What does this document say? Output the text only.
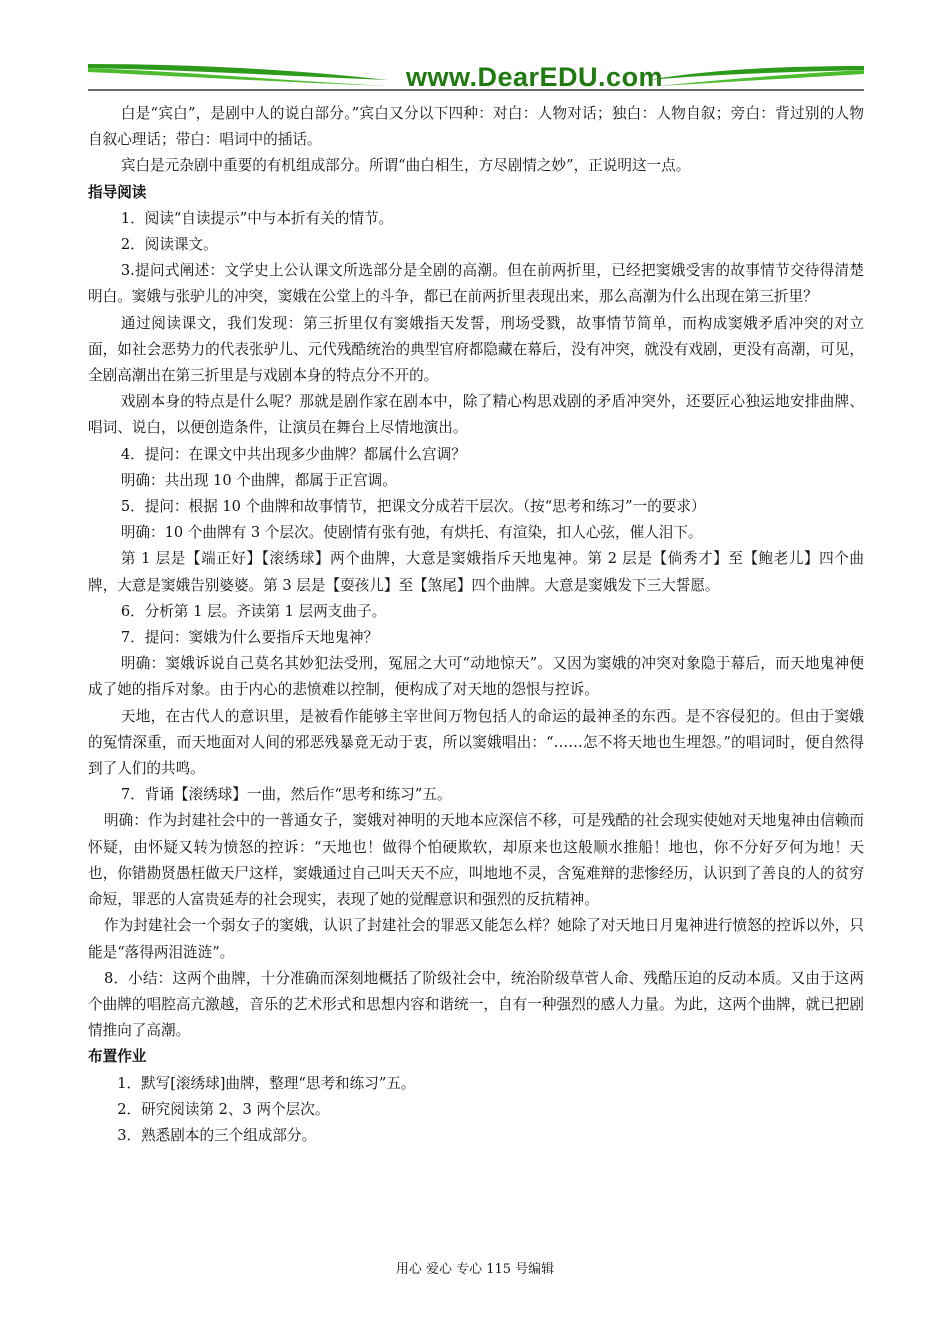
www.DearEDU.com

白是“宾白”，是剧中人的说白部分。”宾白又分以下四种：对白：人物对话；独白：人物自叙；旁白：背过别的人物自叙心理话；带白：唱词中的插话。

宾白是元杂剧中重要的有机组成部分。所谓“曲白相生，方尽剧情之妙”，正说明这一点。

指导阅读

1．阅读“自读提示”中与本折有关的情节。

2．阅读课文。

3.提问式阐述：文学史上公认课文所选部分是全剧的高潮。但在前两折里，已经把窦娥受害的故事情节交待得清楚明白。窦娥与张驴儿的冲突，窦娥在公堂上的斗争，都已在前两折里表现出来，那么高潮为什么出现在第三折里？

通过阅读课文，我们发现：第三折里仅有窦娥指天发誓，刑场受戮，故事情节简单，而构成窦娥矛盾冲突的对立面，如社会恶势力的代表张驴儿、元代残酷统治的典型官府都隐藏在幕后，没有冲突，就没有戏剧，更没有高潮，可见，全剧高潮出在第三折里是与戏剧本身的特点分不开的。

戏剧本身的特点是什么呢？那就是剧作家在剧本中，除了精心构思戏剧的矛盾冲突外，还要匠心独运地安排曲牌、唱词、说白，以便创造条件，让演员在舞台上尽情地演出。

4．提问：在课文中共出现多少曲牌？都属什么宫调？

明确：共出现 10 个曲牌，都属于正宫调。

5．提问：根据 10 个曲牌和故事情节，把课文分成若干层次。（按“思考和练习”一的要求）

明确：10 个曲牌有 3 个层次。使剧情有张有弛，有烘托、有渲染，扣人心弦，催人泪下。

第 1 层是【端正好】【滚绣球】两个曲牌，大意是窦娥指斥天地鬼神。第 2 层是【倘秀才】至【鲍老儿】四个曲牌，大意是窦娥告别婆婆。第 3 层是【耍孩儿】至【煞尾】四个曲牌。大意是窦娥发下三大誓愿。

6．分析第 1 层。齐读第 1 层两支曲子。

7．提问：窦娥为什么要指斥天地鬼神？

明确：窦娥诉说自己莫名其妙犯法受刑，冤屈之大可“动地惊天”。又因为窦娥的冲突对象隐于幕后，而天地鬼神便成了她的指斥对象。由于内心的悲愤难以控制，便构成了对天地的怨恨与控诉。

天地，在古代人的意识里，是被看作能够主宰世间万物包括人的命运的最神圣的东西。是不容侵犯的。但由于窦娥的冤情深重，而天地面对人间的邪恶残暴竟无动于衷，所以窦娥唱出：“……怎不将天地也生埋怨。”的唱词时，便自然得到了人们的共鸣。

7．背诵【滚绣球】一曲，然后作“思考和练习”五。

明确：作为封建社会中的一普通女子，窦娥对神明的天地本应深信不移，可是残酷的社会现实使她对天地鬼神由信赖而怀疑，由怀疑又转为愤怒的控诉：“天地也！做得个怕硬欺软，却原来也这般顺水推船！地也，你不分好歹何为地！天也，你错勘贤愚枉做天尸这样，窦娥通过自己叫天天不应，叫地地不灵，含冤难辩的悲惨经历，认识到了善良的人的贫穷命短，罪恶的人富贵延寿的社会现实，表现了她的觉醒意识和强烈的反抗精神。

作为封建社会一个弱女子的窦娥，认识了封建社会的罪恶又能怎么样？她除了对天地日月鬼神进行愤怒的控诉以外，只能是“落得两泪涟涟”。

8．小结：这两个曲牌，十分准确而深刻地概括了阶级社会中，统治阶级草菅人命、残酷压迫的反动本质。又由于这两个曲牌的唱腔高亢激越，音乐的艺术形式和思想内容和谐统一，自有一种强烈的感人力量。为此，这两个曲牌，就已把剧情推向了高潮。

布置作业

1．默写[滚绣球]曲牌，整理“思考和练习”五。

2．研究阅读第 2、3 两个层次。

3．熟悉剧本的三个组成部分。

用心 爱心 专心 115 号编辑
